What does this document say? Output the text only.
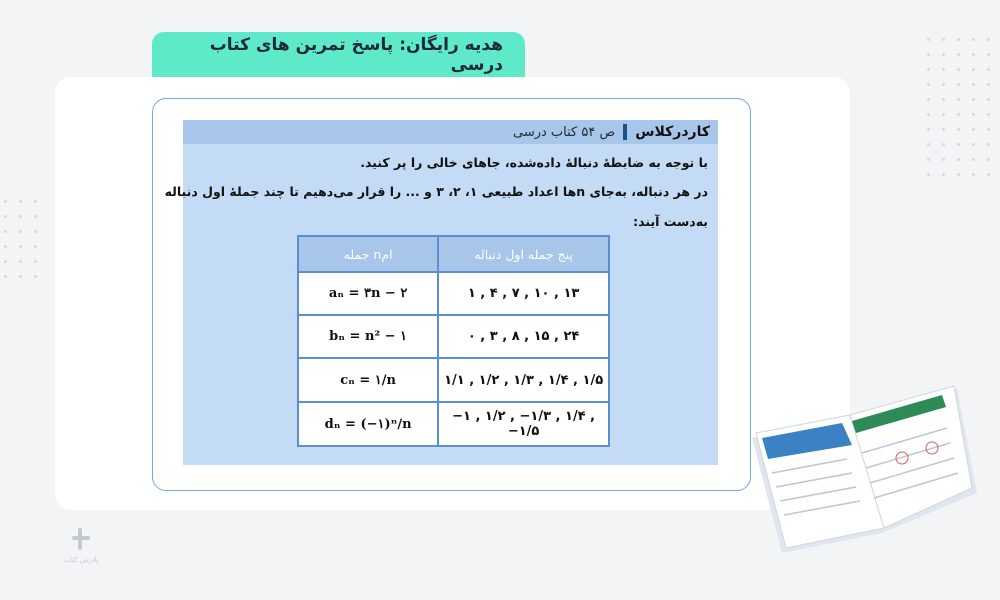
هدیه رایگان: پاسخ تمرین های کتاب درسی
کاردرکلاس
ص ۵۴ کتاب درسی
با توجه به ضابطهٔ دنبالهٔ داده‌شده، جاهای خالی را پر کنید.
در هر دنباله، به‌جای nها اعداد طبیعی ۱، ۲، ۳ و ... را قرار می‌دهیم تا چند جملهٔ اول دنباله
به‌دست آیند:
جمله nام	پنج جمله اول دنباله
aₙ = ۳n − ۲	۱ , ۴ , ۷ , ۱۰ , ۱۳
bₙ = n² − ۱	۰ , ۳ , ۸ , ۱۵ , ۲۴
cₙ = ۱/n	۱/۱ , ۱/۲ , ۱/۳ , ۱/۴ , ۱/۵
dₙ = (−۱)ⁿ/n	−۱ , ۱/۲ , −۱/۳ , ۱/۴ , −۱/۵
پادرس کتاب
